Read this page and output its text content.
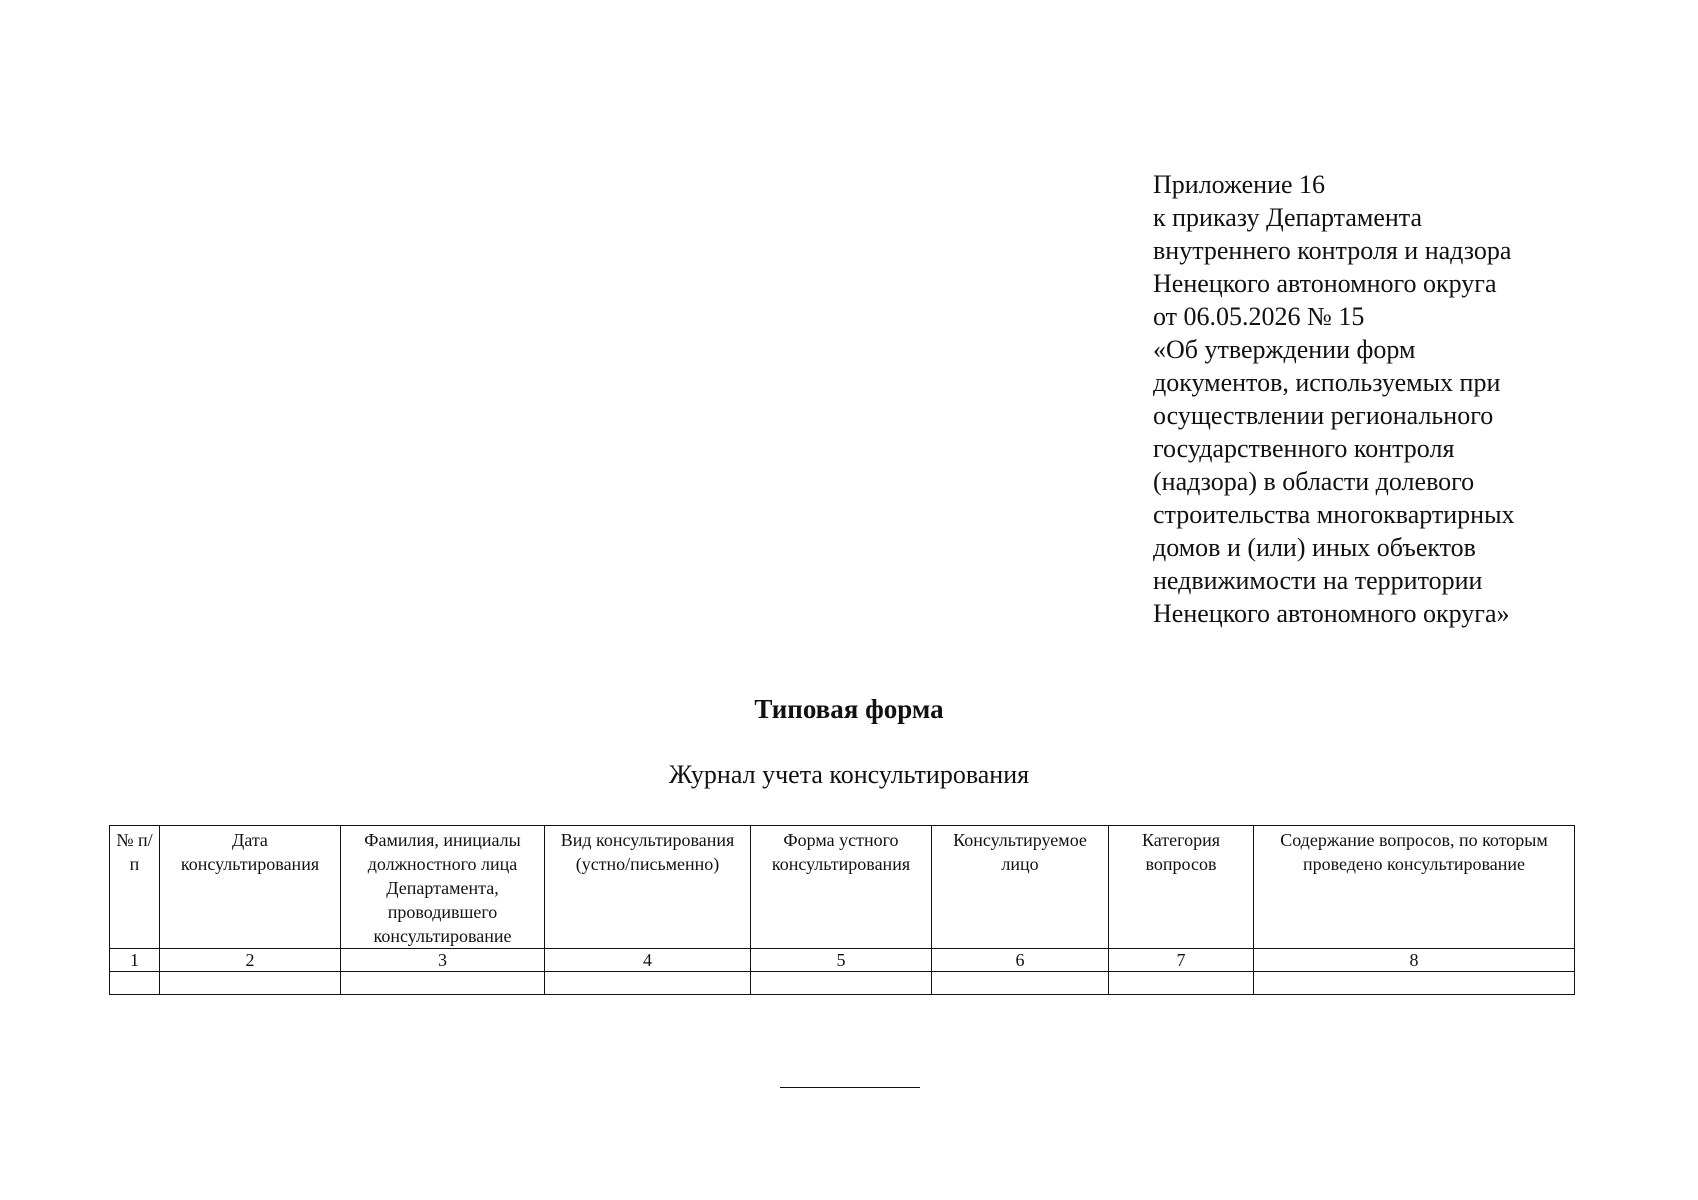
Приложение 16
к приказу Департамента
внутреннего контроля и надзора
Ненецкого автономного округа
от 06.05.2026 № 15
«Об утверждении форм
документов, используемых при
осуществлении регионального
государственного контроля
(надзора) в области долевого
строительства многоквартирных
домов и (или) иных объектов
недвижимости на территории
Ненецкого автономного округа»
Типовая форма
Журнал учета консультирования
№ п/ п	Дата консультирования	Фамилия, инициалы должностного лица Департамента, проводившего консультирование	Вид консультирования (устно/письменно)	Форма устного консультирования	Консультируемое лицо	Категория вопросов	Содержание вопросов, по которым проведено консультирование
1	2	3	4	5	6	7	8
